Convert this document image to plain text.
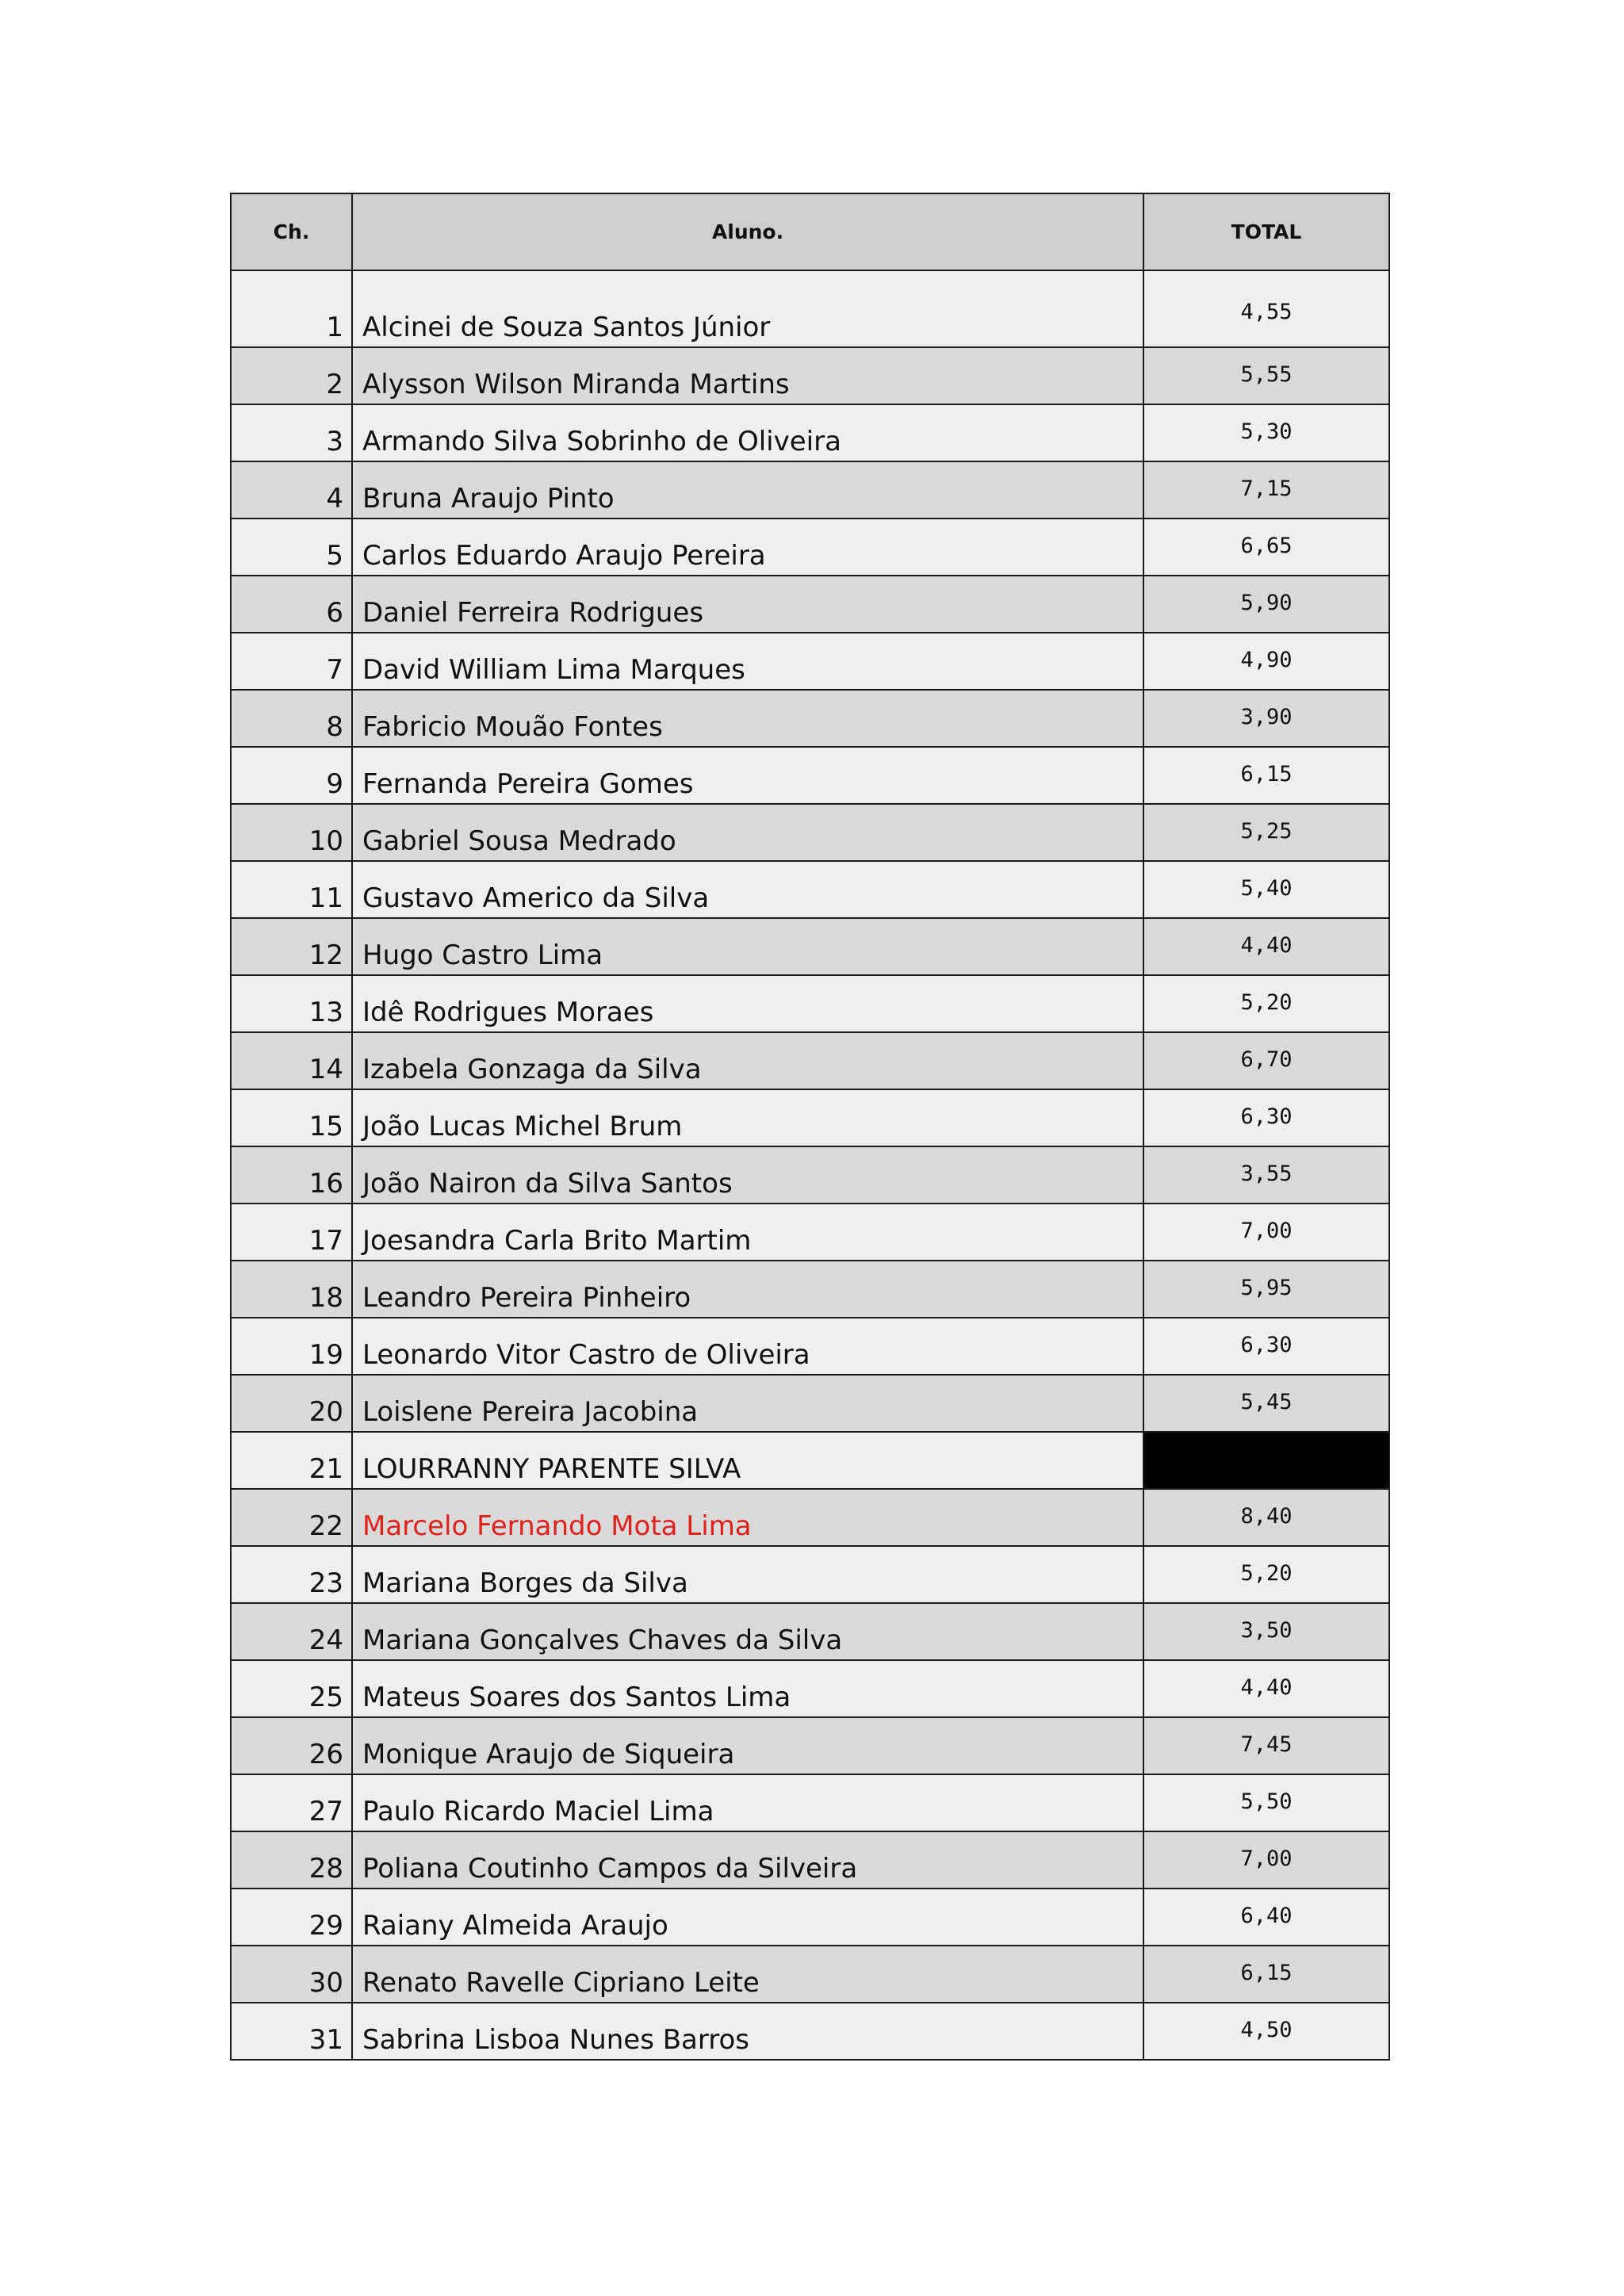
Ch.	Aluno.	TOTAL
1	Alcinei de Souza Santos Júnior	4,55
2	Alysson Wilson Miranda Martins	5,55
3	Armando Silva Sobrinho de Oliveira	5,30
4	Bruna Araujo Pinto	7,15
5	Carlos Eduardo Araujo Pereira	6,65
6	Daniel Ferreira Rodrigues	5,90
7	David William Lima Marques	4,90
8	Fabricio Mouão Fontes	3,90
9	Fernanda Pereira Gomes	6,15
10	Gabriel Sousa Medrado	5,25
11	Gustavo Americo da Silva	5,40
12	Hugo Castro Lima	4,40
13	Idê Rodrigues Moraes	5,20
14	Izabela Gonzaga da Silva	6,70
15	João Lucas Michel Brum	6,30
16	João Nairon da Silva Santos	3,55
17	Joesandra Carla Brito Martim	7,00
18	Leandro Pereira Pinheiro	5,95
19	Leonardo Vitor Castro de Oliveira	6,30
20	Loislene Pereira Jacobina	5,45
21	LOURRANNY PARENTE SILVA	
22	Marcelo Fernando Mota Lima	8,40
23	Mariana Borges da Silva	5,20
24	Mariana Gonçalves Chaves da Silva	3,50
25	Mateus Soares dos Santos Lima	4,40
26	Monique Araujo de Siqueira	7,45
27	Paulo Ricardo Maciel Lima	5,50
28	Poliana Coutinho Campos da Silveira	7,00
29	Raiany Almeida Araujo	6,40
30	Renato Ravelle Cipriano Leite	6,15
31	Sabrina Lisboa Nunes Barros	4,50
